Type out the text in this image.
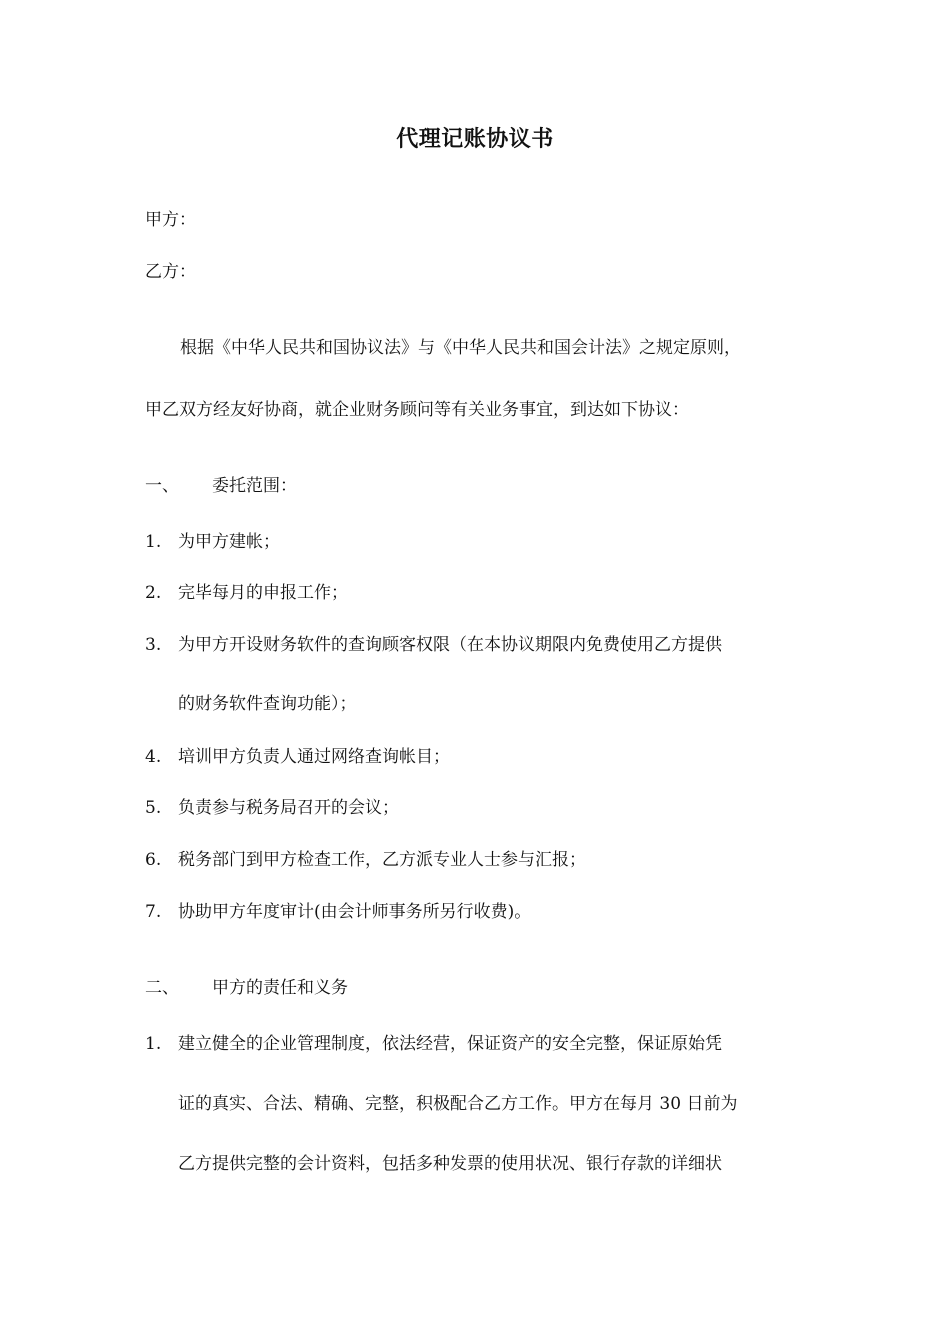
代理记账协议书
甲方：
乙方：
根据《中华人民共和国协议法》与《中华人民共和国会计法》之规定原则，
甲乙双方经友好协商，就企业财务顾问等有关业务事宜，到达如下协议：
一、 委托范围：
1. 为甲方建帐；
2. 完毕每月的申报工作；
3. 为甲方开设财务软件的查询顾客权限（在本协议期限内免费使用乙方提供
的财务软件查询功能）；
4. 培训甲方负责人通过网络查询帐目；
5. 负责参与税务局召开的会议；
6. 税务部门到甲方检查工作，乙方派专业人士参与汇报；
7. 协助甲方年度审计(由会计师事务所另行收费)。
二、 甲方的责任和义务
1. 建立健全的企业管理制度，依法经营，保证资产的安全完整，保证原始凭
证的真实、合法、精确、完整，积极配合乙方工作。甲方在每月 30 日前为
乙方提供完整的会计资料，包括多种发票的使用状况、银行存款的详细状
